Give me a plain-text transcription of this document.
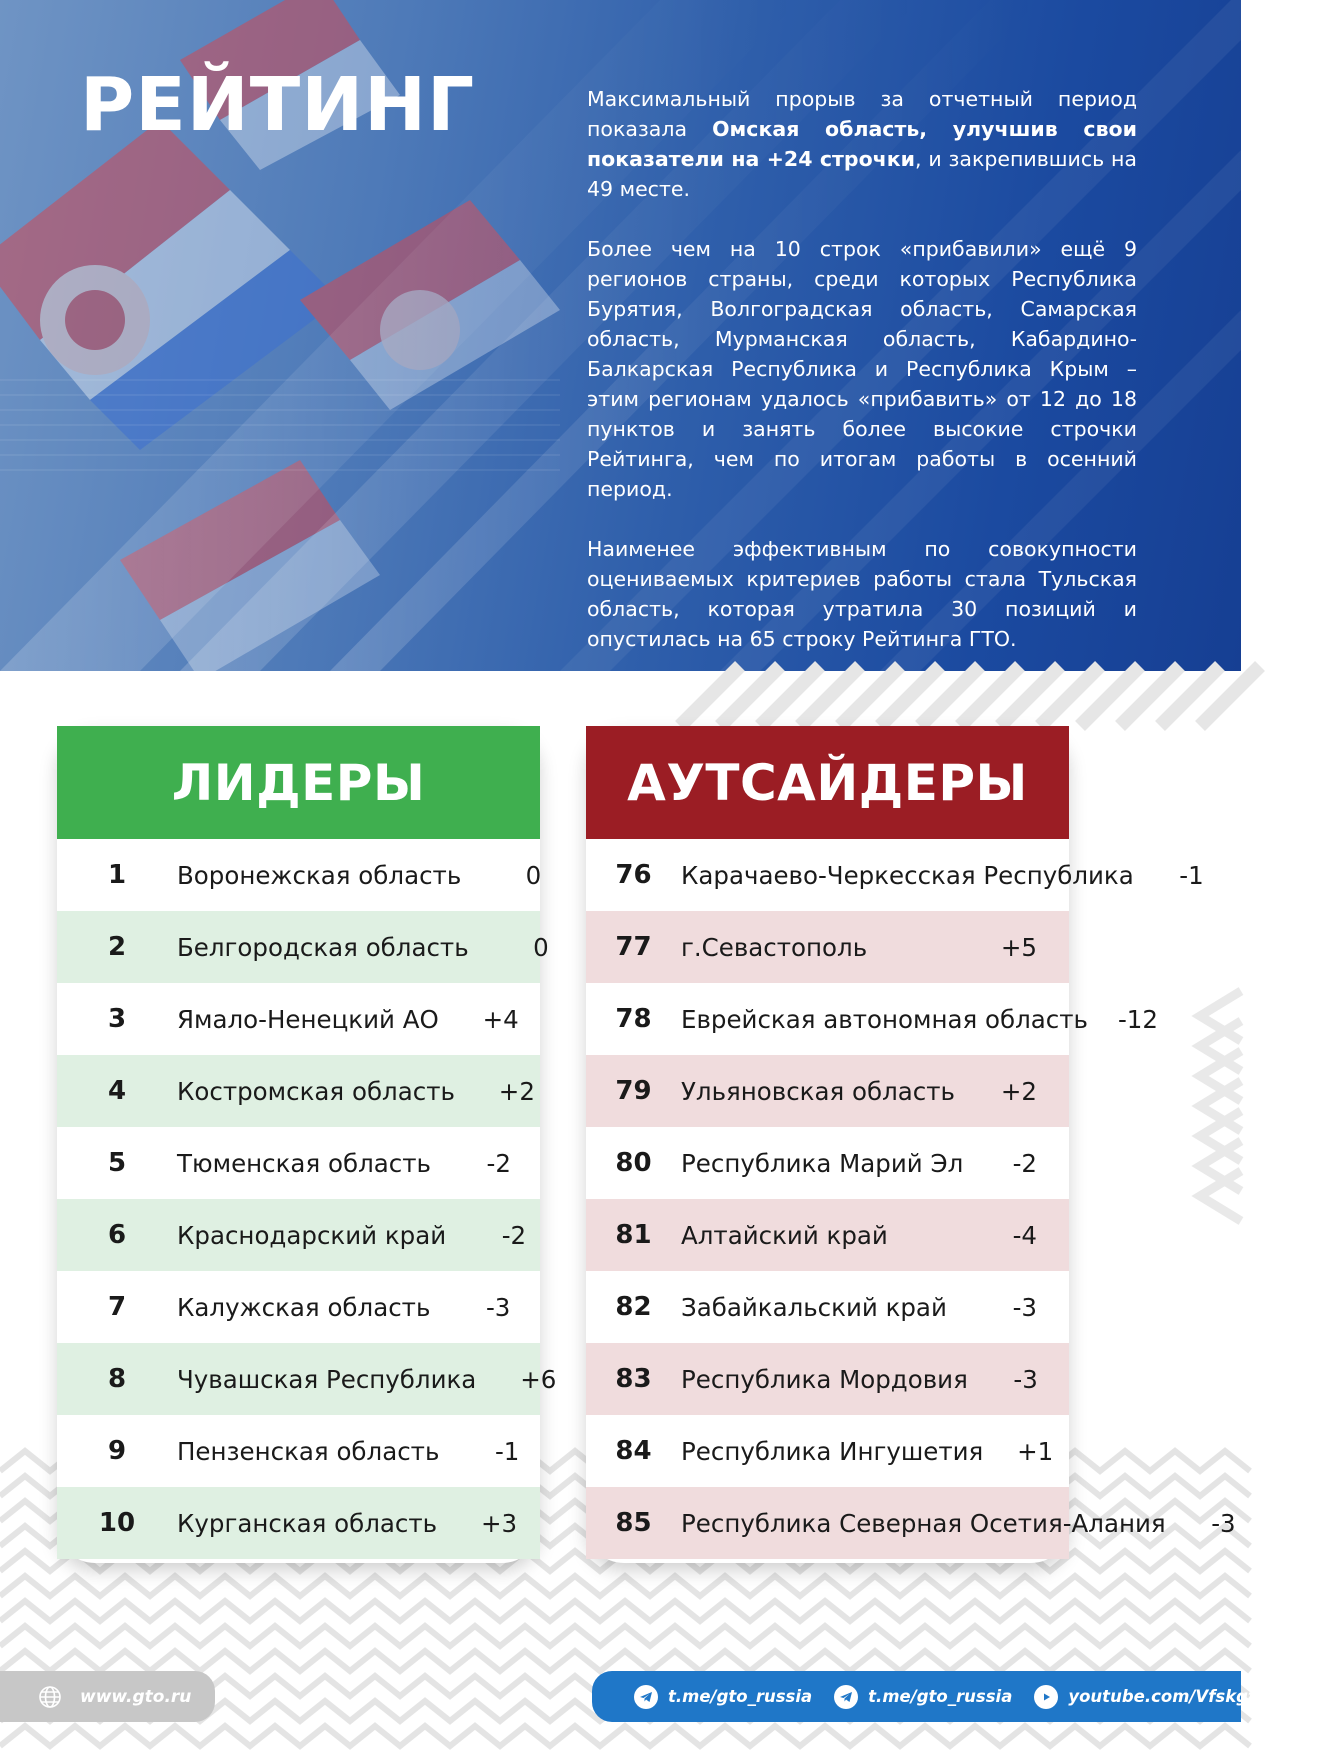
РЕЙТИНГ	Максимальный прорыв за отчетный период показала Омская область, улучшив свои показатели на +24 строчки, и закрепившись на 49 месте.

Более чем на 10 строк «прибавили» ещё 9 регионов страны, среди которых Республика Бурятия, Волгоградская область, Самарская область, Мурманская область, Кабардино-Балкарская Республика и Республика Крым – этим регионам удалось «прибавить» от 12 до 18 пунктов и занять более высокие строчки Рейтинга, чем по итогам работы в осенний период.

Наименее эффективным по совокупности оцениваемых критериев работы стала Тульская область, которая утратила 30 позиций и опустилась на 65 строку Рейтинга ГТО.

ЛИДЕРЫ
1	Воронежская область	0
2	Белгородская область	0
3	Ямало-Ненецкий АО	+4
4	Костромская область	+2
5	Тюменская область	-2
6	Краснодарский край	-2
7	Калужская область	-3
8	Чувашская Республика	+6
9	Пензенская область	-1
10	Курганская область	+3
АУТСАЙДЕРЫ
76	Карачаево-Черкесская Республика	-1
77	г.Севастополь	+5
78	Еврейская автономная область	-12
79	Ульяновская область	+2
80	Республика Марий Эл	-2
81	Алтайский край	-4
82	Забайкальский край	-3
83	Республика Мордовия	-3
84	Республика Ингушетия	+1
85	Республика Северная Осетия-Алания	-3
www.gto.ru	t.me/gto_russia	t.me/gto_russia	youtube.com/VfskgtoRussia
